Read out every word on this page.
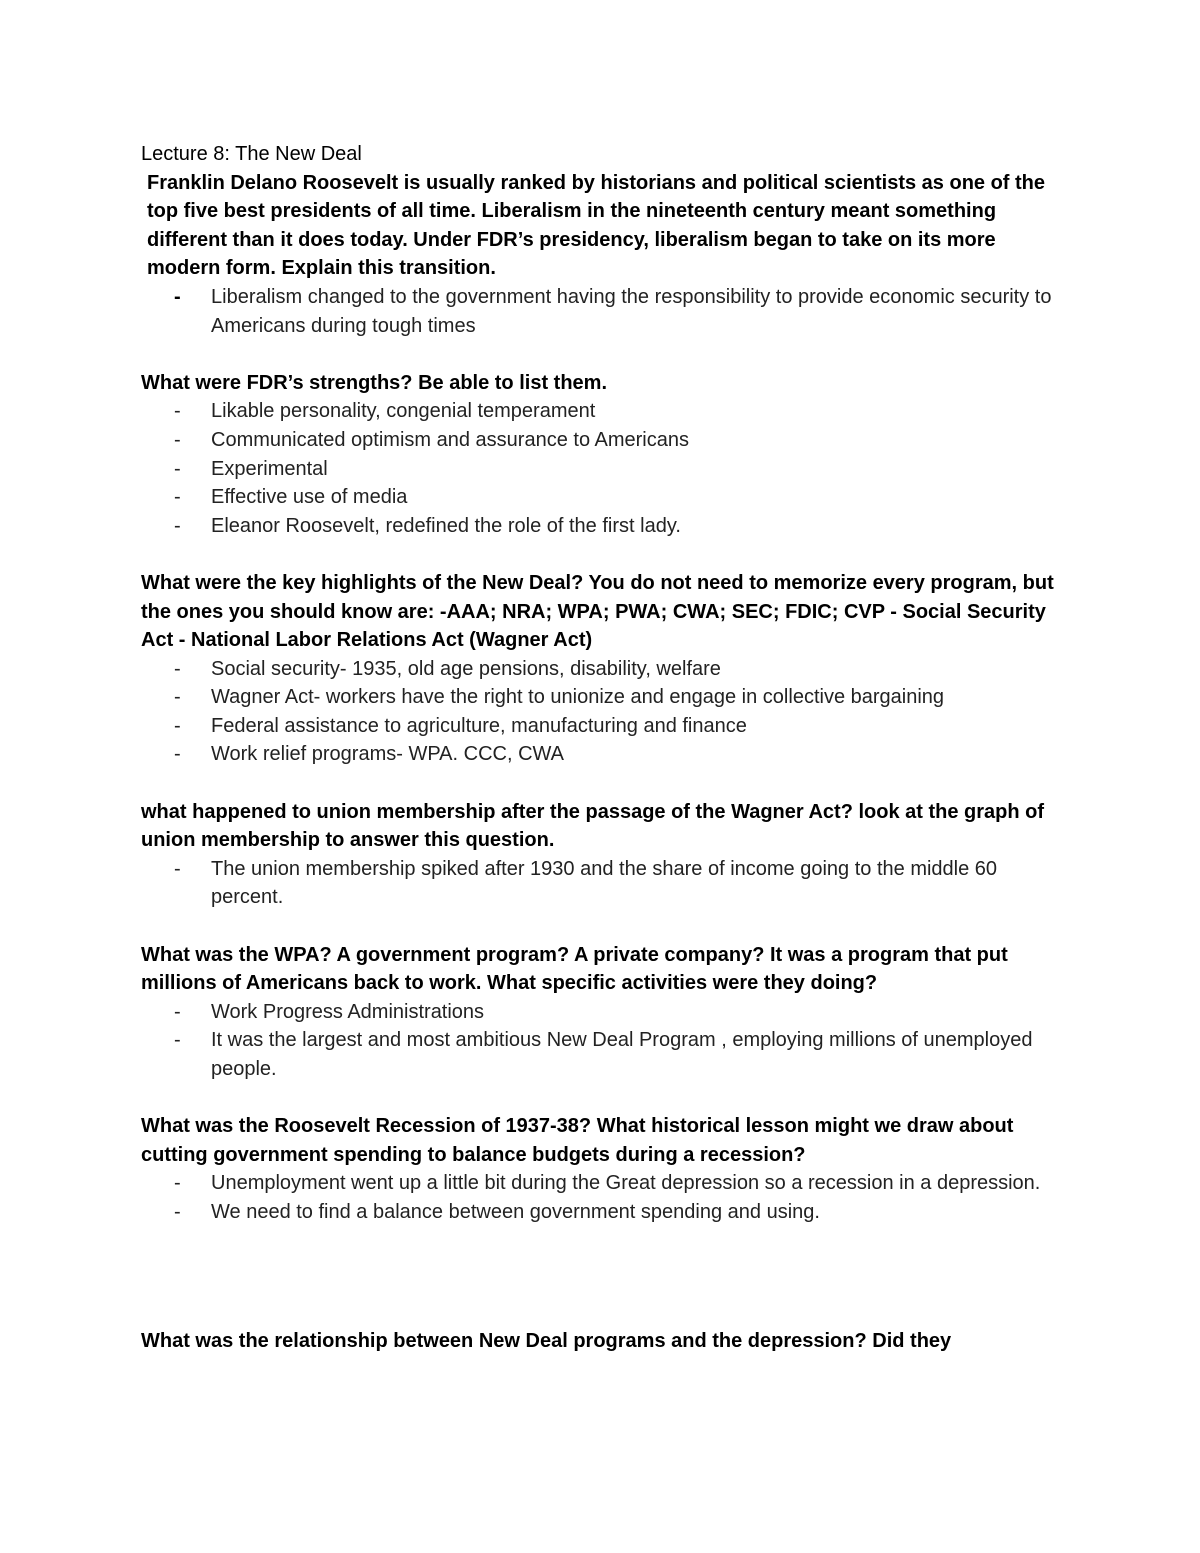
Lecture 8: The New Deal

Franklin Delano Roosevelt is usually ranked by historians and political scientists as one of the top five best presidents of all time. Liberalism in the nineteenth century meant something different than it does today. Under FDR’s presidency, liberalism began to take on its more modern form. Explain this transition.

- Liberalism changed to the government having the responsibility to provide economic security to Americans during tough times

What were FDR’s strengths? Be able to list them.

- Likable personality, congenial temperament
- Communicated optimism and assurance to Americans
- Experimental
- Effective use of media
- Eleanor Roosevelt, redefined the role of the first lady.

What were the key highlights of the New Deal? You do not need to memorize every program, but the ones you should know are: -AAA; NRA; WPA; PWA; CWA; SEC; FDIC; CVP - Social Security Act - National Labor Relations Act (Wagner Act)

- Social security- 1935, old age pensions, disability, welfare
- Wagner Act- workers have the right to unionize and engage in collective bargaining
- Federal assistance to agriculture, manufacturing and finance
- Work relief programs- WPA. CCC, CWA

what happened to union membership after the passage of the Wagner Act? look at the graph of union membership to answer this question.

- The union membership spiked after 1930 and the share of income going to the middle 60 percent.

What was the WPA? A government program? A private company? It was a program that put millions of Americans back to work. What specific activities were they doing?

- Work Progress Administrations
- It was the largest and most ambitious New Deal Program , employing millions of unemployed people.

What was the Roosevelt Recession of 1937-38? What historical lesson might we draw about cutting government spending to balance budgets during a recession?

- Unemployment went up a little bit during the Great depression so a recession in a depression.
- We need to find a balance between government spending and using.

What was the relationship between New Deal programs and the depression? Did they
